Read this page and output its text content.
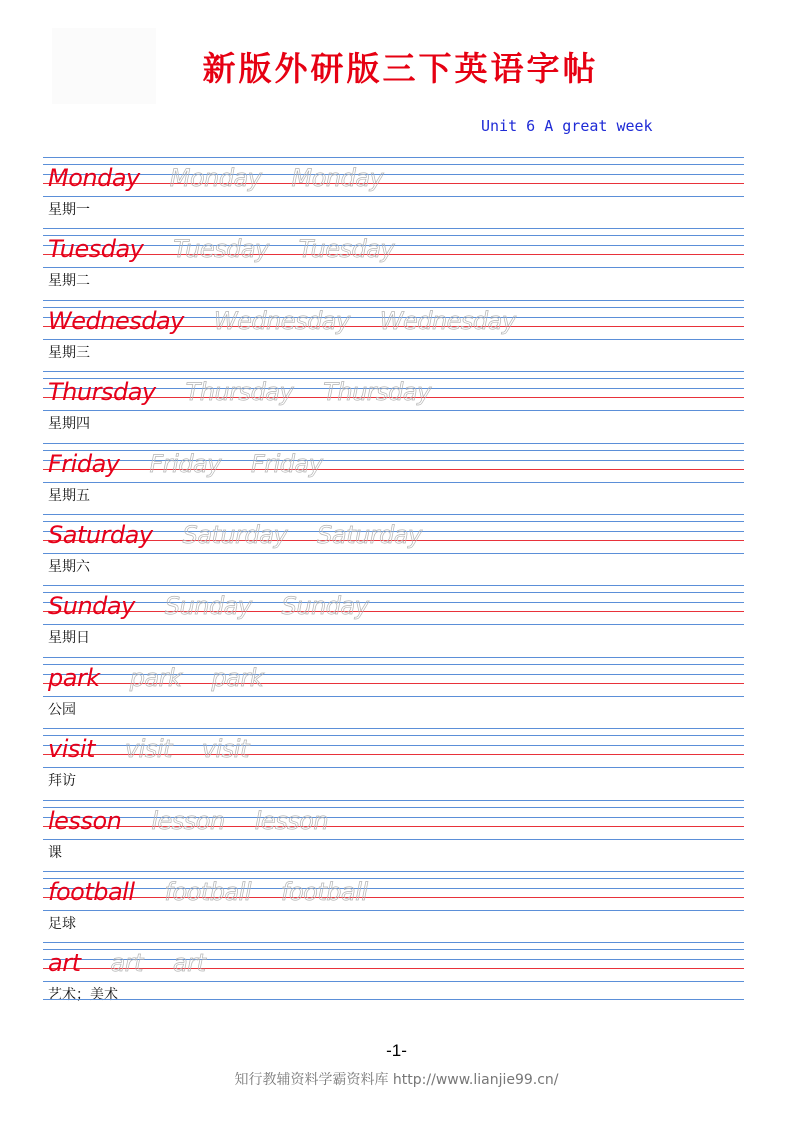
新版外研版三下英语字帖
Unit 6 A great week
Monday Monday Monday
星期一
Tuesday Tuesday Tuesday
星期二
Wednesday Wednesday Wednesday
星期三
Thursday Thursday Thursday
星期四
Friday Friday Friday
星期五
Saturday Saturday Saturday
星期六
Sunday Sunday Sunday
星期日
park park park
公园
visit visit visit
拜访
lesson lesson lesson
课
football football football
足球
art art art
艺术；美术
-1-
知行教辅资料学霸资料库 http://www.lianjie99.cn/
